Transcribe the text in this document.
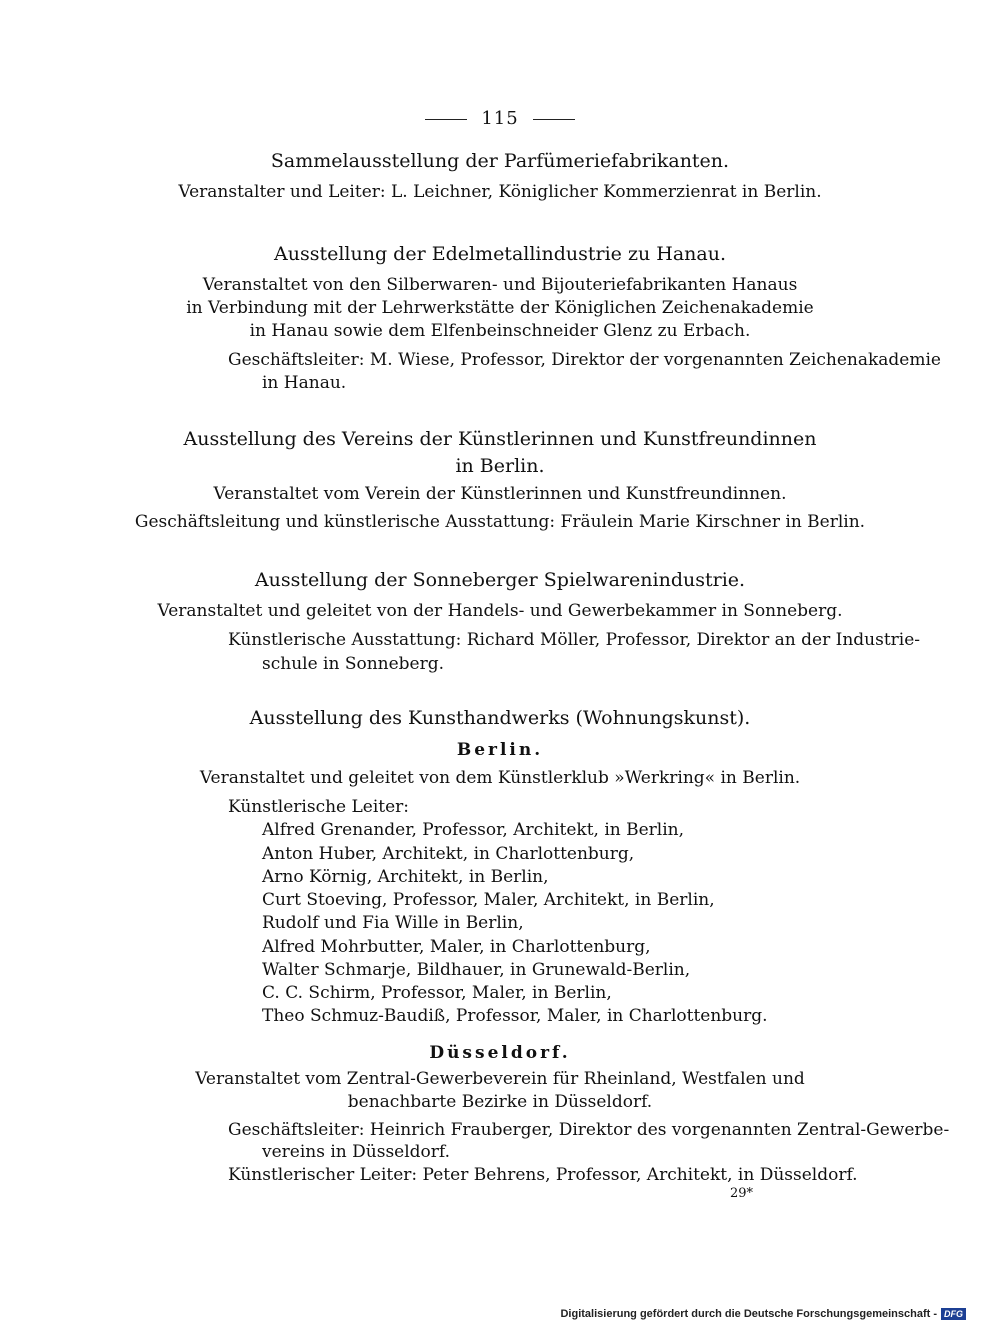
115
Sammelausstellung der Parfümeriefabrikanten.
Veranstalter und Leiter: L. Leichner, Königlicher Kommerzienrat in Berlin.
Ausstellung der Edelmetallindustrie zu Hanau.
Veranstaltet von den Silberwaren- und Bijouteriefabrikanten Hanaus
in Verbindung mit der Lehrwerkstätte der Königlichen Zeichenakademie
in Hanau sowie dem Elfenbeinschneider Glenz zu Erbach.
Geschäftsleiter: M. Wiese, Professor, Direktor der vorgenannten Zeichenakademie
in Hanau.
Ausstellung des Vereins der Künstlerinnen und Kunstfreundinnen
in Berlin.
Veranstaltet vom Verein der Künstlerinnen und Kunstfreundinnen.
Geschäftsleitung und künstlerische Ausstattung: Fräulein Marie Kirschner in Berlin.
Ausstellung der Sonneberger Spielwarenindustrie.
Veranstaltet und geleitet von der Handels- und Gewerbekammer in Sonneberg.
Künstlerische Ausstattung: Richard Möller, Professor, Direktor an der Industrie-
schule in Sonneberg.
Ausstellung des Kunsthandwerks (Wohnungskunst).
Berlin.
Veranstaltet und geleitet von dem Künstlerklub »Werkring« in Berlin.
Künstlerische Leiter:
Alfred Grenander, Professor, Architekt, in Berlin,
Anton Huber, Architekt, in Charlottenburg,
Arno Körnig, Architekt, in Berlin,
Curt Stoeving, Professor, Maler, Architekt, in Berlin,
Rudolf und Fia Wille in Berlin,
Alfred Mohrbutter, Maler, in Charlottenburg,
Walter Schmarje, Bildhauer, in Grunewald-Berlin,
C. C. Schirm, Professor, Maler, in Berlin,
Theo Schmuz-Baudiß, Professor, Maler, in Charlottenburg.
Düsseldorf.
Veranstaltet vom Zentral-Gewerbeverein für Rheinland, Westfalen und
benachbarte Bezirke in Düsseldorf.
Geschäftsleiter: Heinrich Frauberger, Direktor des vorgenannten Zentral-Gewerbe-
vereins in Düsseldorf.
Künstlerischer Leiter: Peter Behrens, Professor, Architekt, in Düsseldorf.
29*
Digitalisierung gefördert durch die Deutsche Forschungsgemeinschaft - DFG
